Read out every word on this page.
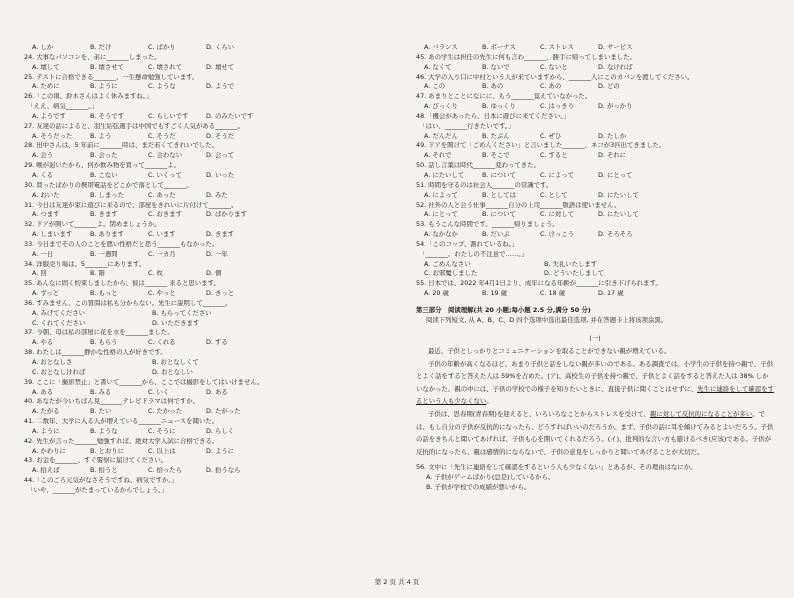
A. しか	B. だけ	C. ばかり	D. くらい
24. 大事なパソコンを、弟に_______しまった。
A. 壊して	B. 壊させて	C. 壊されて	D. 壊せて
25. テストに合格できる_______、一生懸命勉強しています。
A. ために	B. ように	C. ような	D. ようで
26.「この頃、鈴木さんはよく休みますね。」
　「ええ、病気_______。」
A. ようです	B. そうです	C. らしいです	D. のみたいです
27. 友達の話によると、羽生結弦選手は中国でもすごく人気がある_______。
A. そうだった	B. よう	C. そうだ	D. そうだ
28. 田中さんは、5 年前に_______時は、まだ若くてきれいでした。
A. 会う	B. 会った	C. 会わない	D. 会って
29. 喉が渇いたから、何か飲み物を買って_______よ。
A. くる	B. こない	C. いくって	D. いった
30. 買ったばかりの携帯電話をどこかで落として_______。
A. おいた	B. しまった	C. あった	D. みた
31. 今日は友達が家に遊びに来るので、部屋をきれいに片付けて_______。
A. つます	B. きます	C. おきます	D. ばかります
32. ドアが開いて_______よ。閉めましょうか。
A. しまいます	B. あります	C. います	D. きます
33. 今日までその人のことを悪い性格だと思う_______もなかった。
A. 一日	B. 一週間	C. 一カ月	D. 一年
34. 洋服売り場は、5_______にあります。
A. 回	B. 階	C. 枚	D. 個
35. あんなに固く約束しましたから、彼は_______ 来ると思います。
A. ずっと	B. もっと	C. やっと	D. きっと
36. すみません、この質問は私も分からない。先生に説明して_______。
A. みげてください	B. もらってください
C. くれてください	D. いただきます
37. 今朝、母は私の部屋に花を水を_______ました。
A. やる	B. もらう	C. くれる	D. する
38. わたしは_______静かな性格の人が好きです。
A. おとなしさ	B. おとなしくて
C. おとなしければ	D. おとなしい
39. ここに「撮影禁止」と書いて_______から、ここでは撮影をしてはいけません。
A. ある	B. みる	C. いく	D. ある
40. あなたが今いちばん見_______テレビドラマは何ですか。
A. たがる	B. たい	C. たかった	D. たがった
41. 二数年、大学に入る人が増えている_______ニュースを聞いた。
A. ように	B. ような	C. そうに	D. らしく
42. 先生が言った_______勉強すれば、絶対大学入試に合格できる。
A. かわりに	B. とおりに	C. 以上は	D. ように
43. お金を_______、すぐ警察に届けてください。
A. 拾えば	B. 拾うと	C. 拾ったら	D. 拾うなら
44.「このごろ元気がなさそうですね、病気ですか。」
　「いや、_______がたまっているからでしょう。」
A. バランス	B. ボーナス	C. ストレス	D. サービス
45. あの学生は担任の先生に何も言わ_______、勝手に帰ってしまいました。
A. なくて	B. ないで	C. ないと	D. なければ
46. 大学の入り口に中村という人が来ていますから、_______人にこのカバンを渡してください。
A. この	B. あの	C. あの	D. どの
47. あまりとことになにに、もう_______覚えていなかった。
A. びっくり	B. ゆっくり	C. はっきり	D. がっかり
48.「機会があったら、日本に遊びに来てください。」
　「はい、_______行きたいです。」
A. だんだん	B. たぶん	C. ぜひ	D. たしか
49. ドアを開けて「ごめんください」と言いました_______、ネコが3匹出てきました。
A. それで	B. そこで	C. すると	D. それに
50. 話し言葉は時代_______変わってきた。
A. にたいして	B. について	C. によって	D. にとって
51. 時間を守るのは社会人_______の常識です。
A. によって	B. としては	C. として	D. にたいして
52. 社外の人と会う仕事_______自分の上司_______敬語は使いません。
A. にとって	B. について	C. に対して	D. にたいして
53. もうこんな時間です。_______帰りましょう。
A. なかなか	B. だいぶ	C. けっこう	D. そろそろ
54.「このコップ、割れているね。」
　「_______。わたしの不注意で……。」
A. ごめんなさい	B. 失礼いたします
C. お邪魔しました	D. どういたしまして
55. 日本では、2022 年4月1日より、成年になる年齢が_______に引き下げられます。
A. 20 歳	B. 19 歳	C. 18 歳	D. 17 歳
第三部分　阅读理解(共 20 小题;每小题 2.5 分,满分 50 分)
阅读下列短文, 从 A、B、C、D 四个选项中选出最佳选项, 并在答题卡上将该项涂黑。
(一)
最近、子供としっかりとコミュニケーションを取ることができない親が増えている。
子供の年齢が高くなるほど、あまり子供と話をしない親が多いのである。ある調査では、小学生の子供を持つ親で、子供とよく話をすると答えた人は 59%を占めた。(ア)、高校生の子供を持つ親で、子供とよく話をすると答えた人は 38% しかいなかった。親の中には、子供の学校での様子を知りたいときに、直接子供に聞くことはせずに、先生に連絡をして確認をするという人も少なくない。
子供は、思春期(青春期)を迎えると、いろいろなことからストレスを受けて、親に対して反抗的になることが多い。では、もし自分の子供が反抗的になったら、どうすればいいのだろうか。まず、子供の話に耳を傾けてみるとよいだろう。子供の話をきちんと聞いてあげれば、子供も心を開いてくれるだろう。(イ)、批判的な言い方も避けるべき(应该)である。子供が反抗的になったら、親は感情的にならないで、子供の意見をしっかりと聞いてあげることが大切だ。
56. 文中に「先生に連絡をして確認をするという人も少なくない」とあるが、その理由はなにか。
A. 子供がゲームばかり(总是)しているから。
B. 子供が学校での成績が悪いから。
第 2 页 共 4 页
